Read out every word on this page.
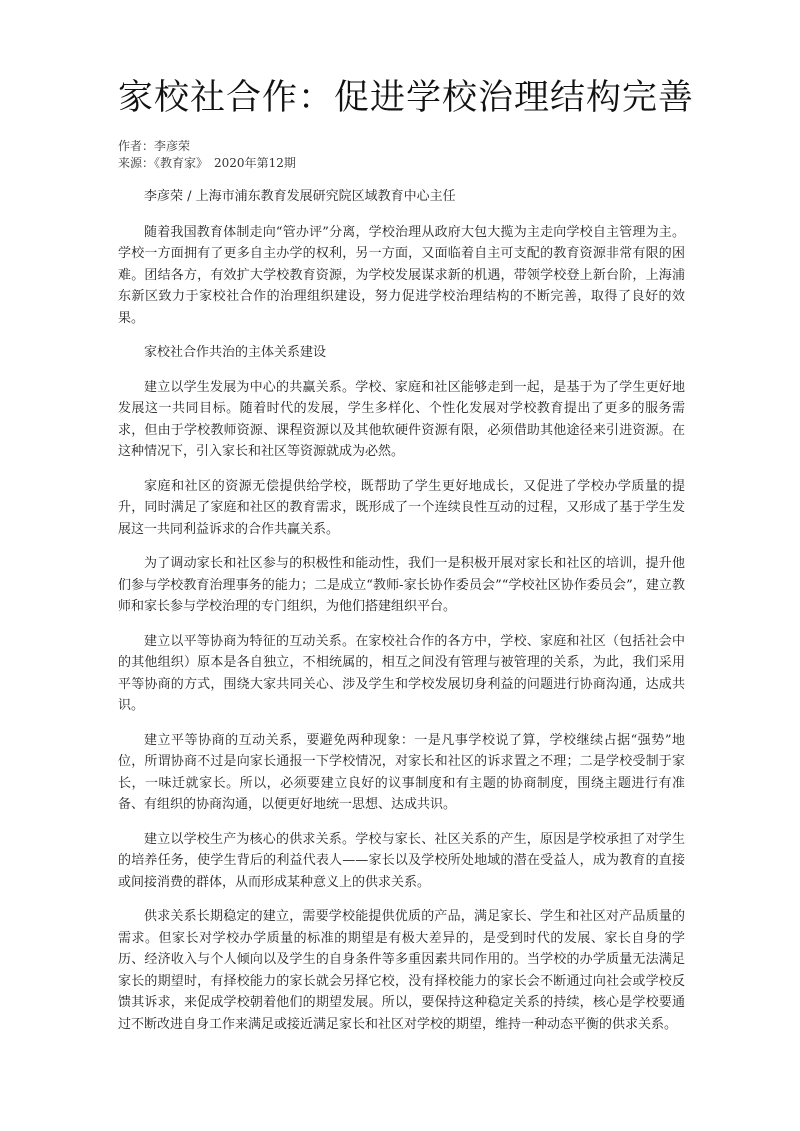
家校社合作：促进学校治理结构完善
作者：李彦荣
来源：《教育家》 2020年第12期

李彦荣 / 上海市浦东教育发展研究院区域教育中心主任

随着我国教育体制走向“管办评”分离，学校治理从政府大包大揽为主走向学校自主管理为主。学校一方面拥有了更多自主办学的权利，另一方面，又面临着自主可支配的教育资源非常有限的困难。团结各方，有效扩大学校教育资源，为学校发展谋求新的机遇，带领学校登上新台阶，上海浦东新区致力于家校社合作的治理组织建设，努力促进学校治理结构的不断完善，取得了良好的效果。

家校社合作共治的主体关系建设

建立以学生发展为中心的共赢关系。学校、家庭和社区能够走到一起，是基于为了学生更好地发展这一共同目标。随着时代的发展，学生多样化、个性化发展对学校教育提出了更多的服务需求，但由于学校教师资源、课程资源以及其他软硬件资源有限，必须借助其他途径来引进资源。在这种情况下，引入家长和社区等资源就成为必然。

家庭和社区的资源无偿提供给学校，既帮助了学生更好地成长，又促进了学校办学质量的提升，同时满足了家庭和社区的教育需求，既形成了一个连续良性互动的过程，又形成了基于学生发展这一共同利益诉求的合作共赢关系。

为了调动家长和社区参与的积极性和能动性，我们一是积极开展对家长和社区的培训，提升他们参与学校教育治理事务的能力；二是成立“教师-家长协作委员会”“学校社区协作委员会”，建立教师和家长参与学校治理的专门组织，为他们搭建组织平台。

建立以平等协商为特征的互动关系。在家校社合作的各方中，学校、家庭和社区（包括社会中的其他组织）原本是各自独立，不相统属的，相互之间没有管理与被管理的关系，为此，我们采用平等协商的方式，围绕大家共同关心、涉及学生和学校发展切身利益的问题进行协商沟通，达成共识。

建立平等协商的互动关系，要避免两种现象：一是凡事学校说了算，学校继续占据“强势”地位，所谓协商不过是向家长通报一下学校情况，对家长和社区的诉求置之不理；二是学校受制于家长，一味迁就家长。所以，必须要建立良好的议事制度和有主题的协商制度，围绕主题进行有准备、有组织的协商沟通，以便更好地统一思想、达成共识。

建立以学校生产为核心的供求关系。学校与家长、社区关系的产生，原因是学校承担了对学生的培养任务，使学生背后的利益代表人——家长以及学校所处地域的潜在受益人，成为教育的直接或间接消费的群体，从而形成某种意义上的供求关系。

供求关系长期稳定的建立，需要学校能提供优质的产品，满足家长、学生和社区对产品质量的需求。但家长对学校办学质量的标准的期望是有极大差异的，是受到时代的发展、家长自身的学历、经济收入与个人倾向以及学生的自身条件等多重因素共同作用的。当学校的办学质量无法满足家长的期望时，有择校能力的家长就会另择它校，没有择校能力的家长会不断通过向社会或学校反馈其诉求，来促成学校朝着他们的期望发展。所以，要保持这种稳定关系的持续，核心是学校要通过不断改进自身工作来满足或接近满足家长和社区对学校的期望，维持一种动态平衡的供求关系。
